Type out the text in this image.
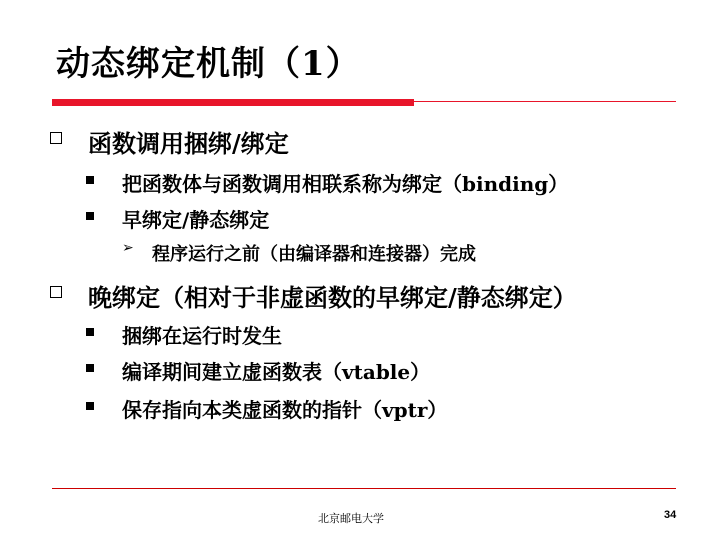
动态绑定机制（1）
函数调用捆绑/绑定
把函数体与函数调用相联系称为绑定（binding）
早绑定/静态绑定
➢ 程序运行之前（由编译器和连接器）完成
晚绑定（相对于非虚函数的早绑定/静态绑定）
捆绑在运行时发生
编译期间建立虚函数表（vtable）
保存指向本类虚函数的指针（vptr）
北京邮电大学	34
